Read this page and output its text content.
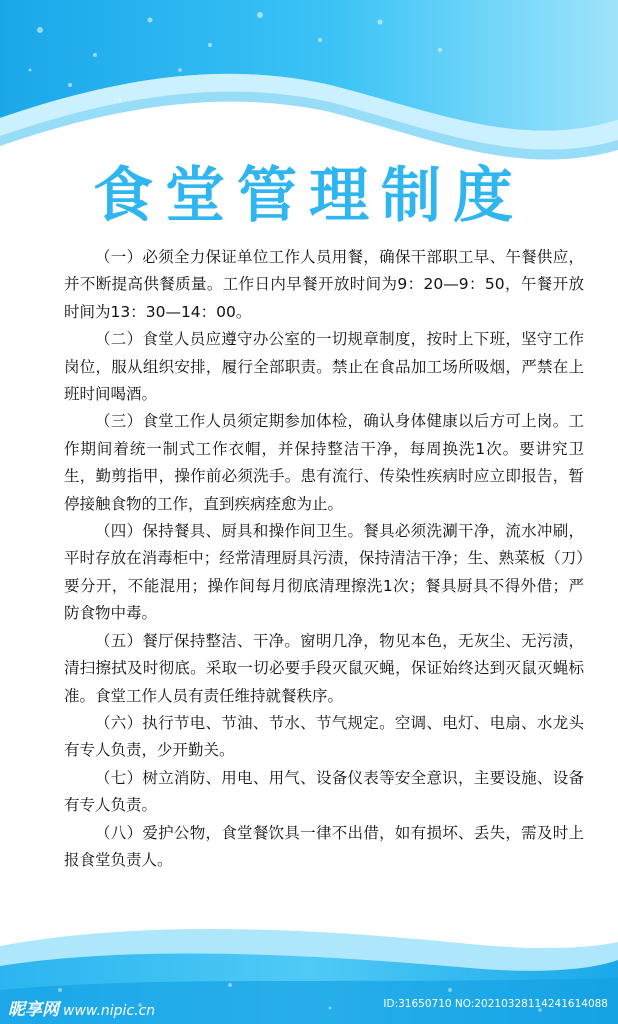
食堂管理制度

（一）必须全力保证单位工作人员用餐，确保干部职工早、午餐供应，并不断提高供餐质量。工作日内早餐开放时间为9：20—9：50，午餐开放时间为13：30—14：00。

（二）食堂人员应遵守办公室的一切规章制度，按时上下班，坚守工作岗位，服从组织安排，履行全部职责。禁止在食品加工场所吸烟，严禁在上班时间喝酒。

（三）食堂工作人员须定期参加体检，确认身体健康以后方可上岗。工作期间着统一制式工作衣帽，并保持整洁干净，每周换洗1次。要讲究卫生，勤剪指甲，操作前必须洗手。患有流行、传染性疾病时应立即报告，暂停接触食物的工作，直到疾病痊愈为止。

（四）保持餐具、厨具和操作间卫生。餐具必须洗涮干净，流水冲刷，平时存放在消毒柜中；经常清理厨具污渍，保持清洁干净；生、熟菜板（刀）要分开，不能混用；操作间每月彻底清理擦洗1次；餐具厨具不得外借；严防食物中毒。

（五）餐厅保持整洁、干净。窗明几净，物见本色，无灰尘、无污渍，清扫擦拭及时彻底。采取一切必要手段灭鼠灭蝇，保证始终达到灭鼠灭蝇标准。食堂工作人员有责任维持就餐秩序。

（六）执行节电、节油、节水、节气规定。空调、电灯、电扇、水龙头有专人负责，少开勤关。

（七）树立消防、用电、用气、设备仪表等安全意识，主要设施、设备有专人负责。

（八）爱护公物，食堂餐饮具一律不出借，如有损坏、丢失，需及时上报食堂负责人。

昵享网 www.nipic.cn	ID:31650710 NO:20210328114241614088
